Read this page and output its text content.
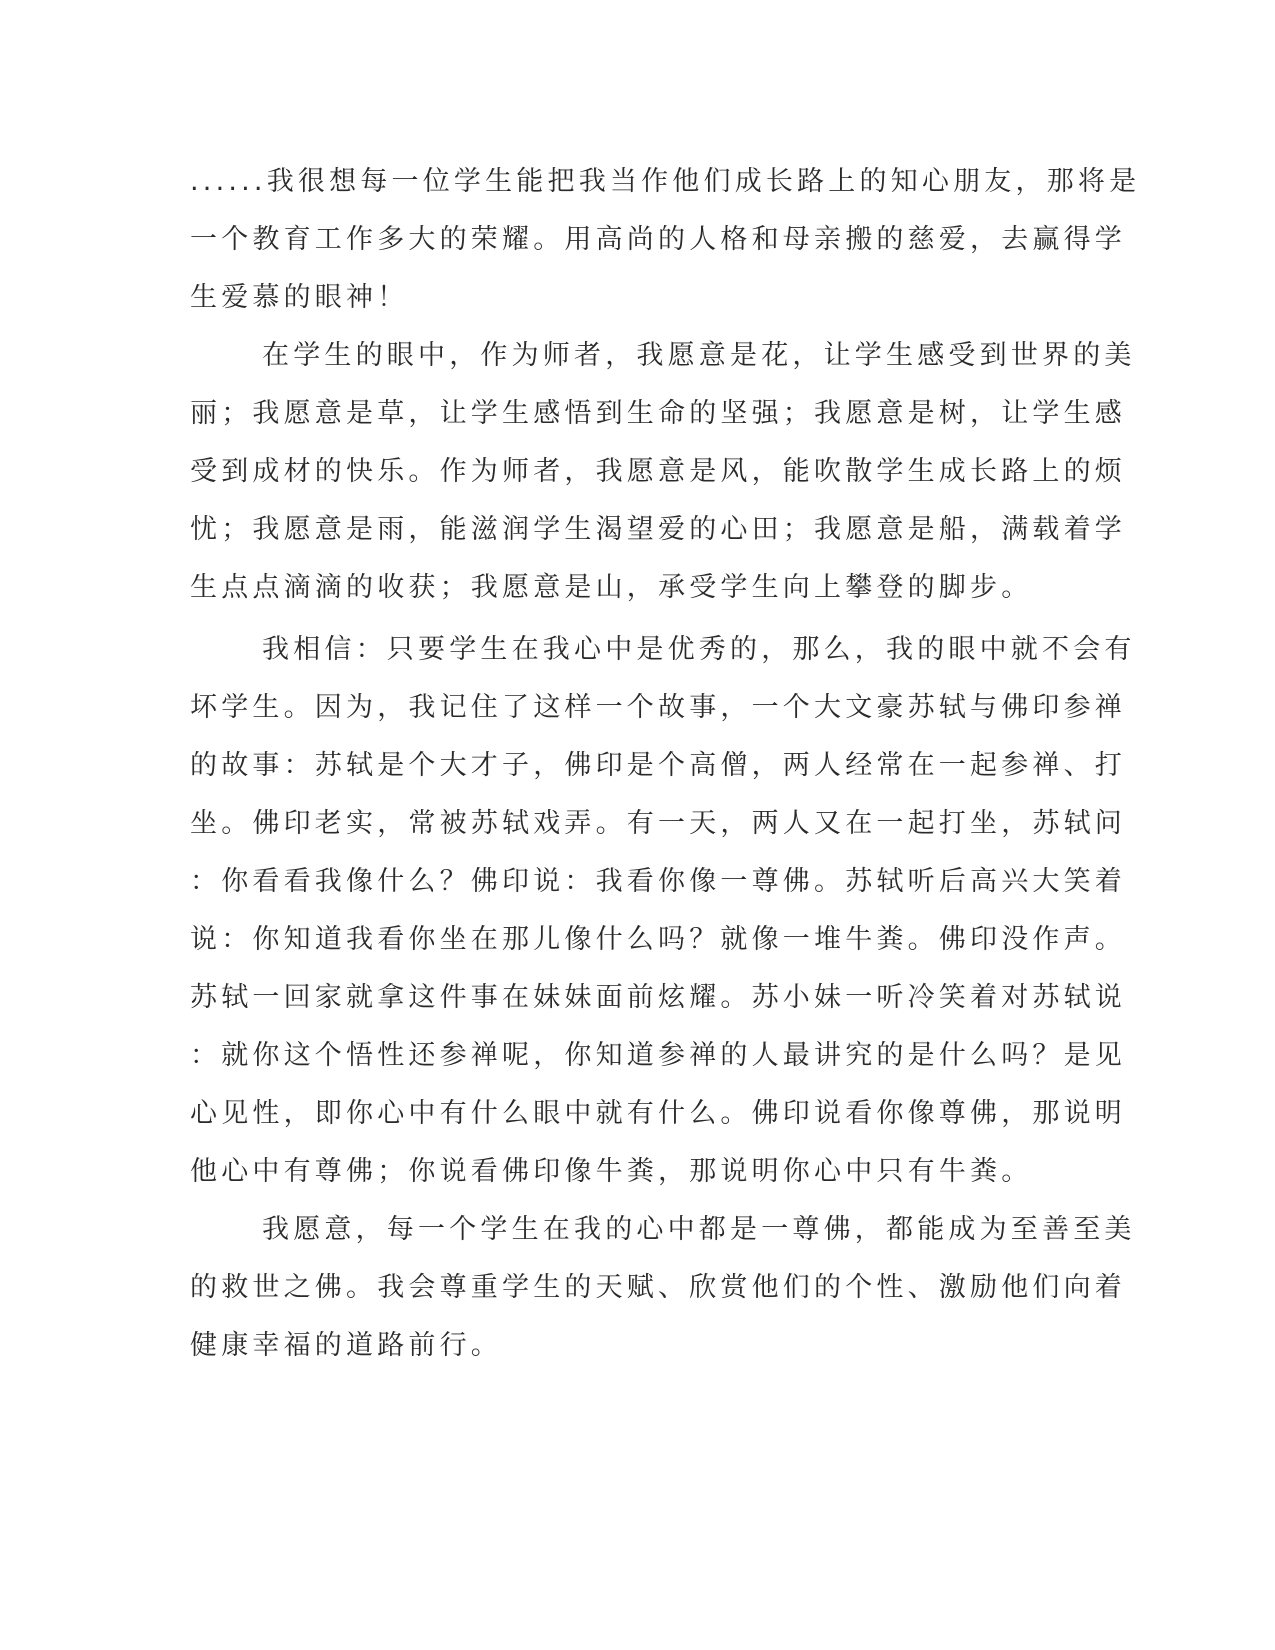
......我很想每一位学生能把我当作他们成长路上的知心朋友，那将是
一个教育工作多大的荣耀。用高尚的人格和母亲搬的慈爱，去赢得学
生爱慕的眼神！
在学生的眼中，作为师者，我愿意是花，让学生感受到世界的美
丽；我愿意是草，让学生感悟到生命的坚强；我愿意是树，让学生感
受到成材的快乐。作为师者，我愿意是风，能吹散学生成长路上的烦
忧；我愿意是雨，能滋润学生渴望爱的心田；我愿意是船，满载着学
生点点滴滴的收获；我愿意是山，承受学生向上攀登的脚步。
我相信：只要学生在我心中是优秀的，那么，我的眼中就不会有
坏学生。因为，我记住了这样一个故事，一个大文豪苏轼与佛印参禅
的故事：苏轼是个大才子，佛印是个高僧，两人经常在一起参禅、打
坐。佛印老实，常被苏轼戏弄。有一天，两人又在一起打坐，苏轼问
：你看看我像什么？佛印说：我看你像一尊佛。苏轼听后高兴大笑着
说：你知道我看你坐在那儿像什么吗？就像一堆牛粪。佛印没作声。
苏轼一回家就拿这件事在妹妹面前炫耀。苏小妹一听冷笑着对苏轼说
：就你这个悟性还参禅呢，你知道参禅的人最讲究的是什么吗？是见
心见性，即你心中有什么眼中就有什么。佛印说看你像尊佛，那说明
他心中有尊佛；你说看佛印像牛粪，那说明你心中只有牛粪。
我愿意，每一个学生在我的心中都是一尊佛，都能成为至善至美
的救世之佛。我会尊重学生的天赋、欣赏他们的个性、激励他们向着
健康幸福的道路前行。
